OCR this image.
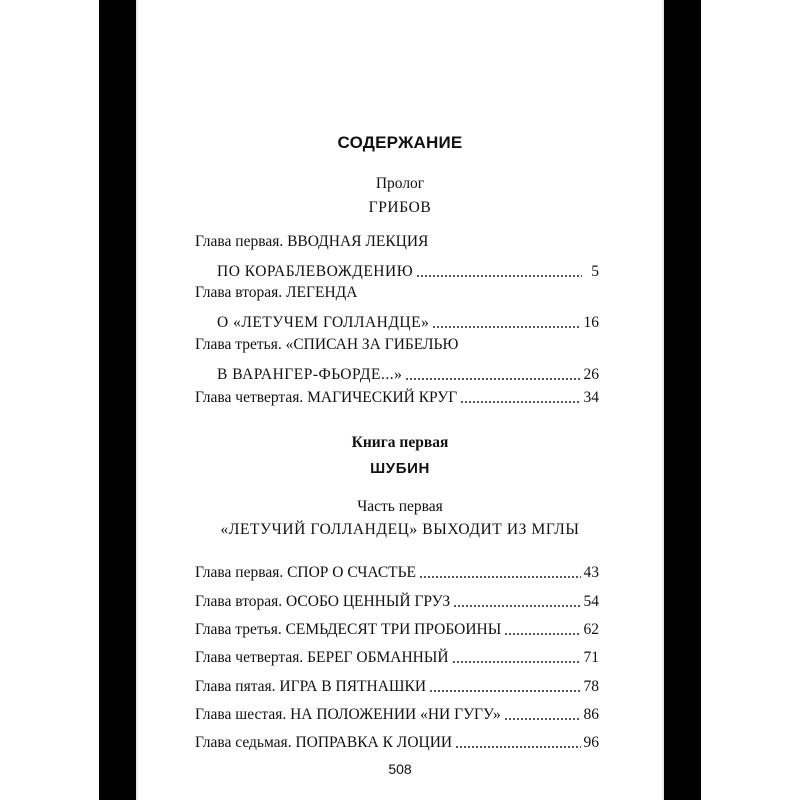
СОДЕРЖАНИЕ
Пролог
ГРИБОВ
Глава первая. ВВОДНАЯ ЛЕКЦИЯ
ПО КОРАБЛЕВОЖДЕНИЮ	5
Глава вторая. ЛЕГЕНДА
О «ЛЕТУЧЕМ ГОЛЛАНДЦЕ»	16
Глава третья. «СПИСАН ЗА ГИБЕЛЬЮ
В ВАРАНГЕР-ФЬОРДЕ...»	26
Глава четвертая. МАГИЧЕСКИЙ КРУГ	34
Книга первая
ШУБИН
Часть первая
«ЛЕТУЧИЙ ГОЛЛАНДЕЦ» ВЫХОДИТ ИЗ МГЛЫ
Глава первая. СПОР О СЧАСТЬЕ	43
Глава вторая. ОСОБО ЦЕННЫЙ ГРУЗ	54
Глава третья. СЕМЬДЕСЯТ ТРИ ПРОБОИНЫ	62
Глава четвертая. БЕРЕГ ОБМАННЫЙ	71
Глава пятая. ИГРА В ПЯТНАШКИ	78
Глава шестая. НА ПОЛОЖЕНИИ «НИ ГУГУ»	86
Глава седьмая. ПОПРАВКА К ЛОЦИИ	96
508
